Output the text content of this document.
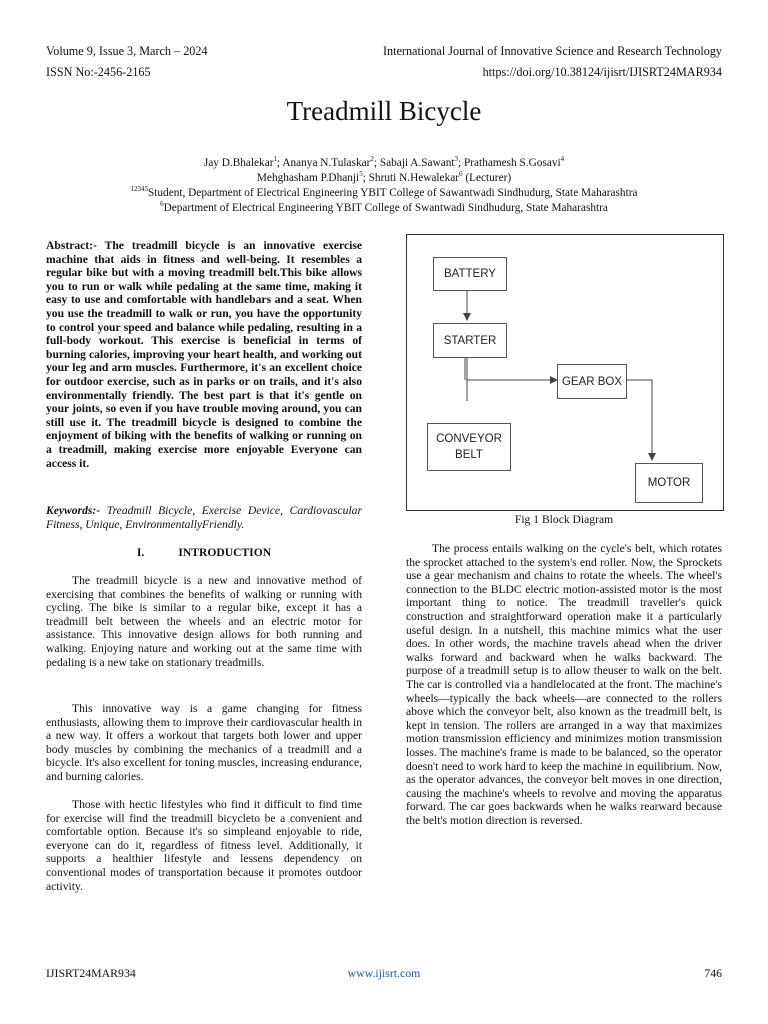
Volume 9, Issue 3, March – 2024
ISSN No:-2456-2165
International Journal of Innovative Science and Research Technology
https://doi.org/10.38124/ijisrt/IJISRT24MAR934
Treadmill Bicycle
Jay D.Bhalekar$^1$; Ananya N.Tulaskar$^2$; Sabaji A.Sawant$^3$; Prathamesh S.Gosavi$^4$
Mehghasham P.Dhanji$^5$; Shruti N.Hewalekar$^6$ (Lecturer)
$^{12345}$Student, Department of Electrical Engineering YBIT College of Sawantwadi Sindhudurg, State Maharashtra
$^6$Department of Electrical Engineering YBIT College of Swantwadi Sindhudurg, State Maharashtra
Abstract:- The treadmill bicycle is an innovative exercise machine that aids in fitness and well-being. It resembles a regular bike but with a moving treadmill belt.This bike allows you to run or walk while pedaling at the same time, making it easy to use and comfortable with handlebars and a seat. When you use the treadmill to walk or run, you have the opportunity to control your speed and balance while pedaling, resulting in a full-body workout. This exercise is beneficial in terms of burning calories, improving your heart health, and working out your leg and arm muscles. Furthermore, it's an excellent choice for outdoor exercise, such as in parks or on trails, and it's also environmentally friendly. The best part is that it's gentle on your joints, so even if you have trouble moving around, you can still use it. The treadmill bicycle is designed to combine the enjoyment of biking with the benefits of walking or running on a treadmill, making exercise more enjoyable Everyone can access it.
Keywords:- Treadmill Bicycle, Exercise Device, Cardiovascular Fitness, Unique, EnvironmentallyFriendly.
I.	INTRODUCTION

The treadmill bicycle is a new and innovative method of exercising that combines the benefits of walking or running with cycling. The bike is similar to a regular bike, except it has a treadmill belt between the wheels and an electric motor for assistance. This innovative design allows for both running and walking. Enjoying nature and working out at the same time with pedaling is a new take on stationary treadmills.

This innovative way is a game changing for fitness enthusiasts, allowing them to improve their cardiovascular health in a new way. It offers a workout that targets both lower and upper body muscles by combining the mechanics of a treadmill and a bicycle. It's also excellent for toning muscles, increasing endurance, and burning calories.

Those with hectic lifestyles who find it difficult to find time for exercise will find the treadmill bicycleto be a convenient and comfortable option. Because it's so simpleand enjoyable to ride, everyone can do it, regardless of fitness level. Additionally, it supports a healthier lifestyle and lessens dependency on conventional modes of transportation because it promotes outdoor activity.

BATTERY
STARTER
GEAR BOX
CONVEYOR
BELT
MOTOR
Fig 1 Block Diagram

The process entails walking on the cycle's belt, which rotates the sprocket attached to the system's end roller. Now, the Sprockets use a gear mechanism and chains to rotate the wheels. The wheel's connection to the BLDC electric motion-assisted motor is the most important thing to notice. The treadmill traveller's quick construction and straightforward operation make it a particularly useful design. In a nutshell, this machine mimics what the user does. In other words, the machine travels ahead when the driver walks forward and backward when he walks backward. The purpose of a treadmill setup is to allow theuser to walk on the belt. The car is controlled via a handlelocated at the front. The machine's wheels—typically the back wheels—are connected to the rollers above which the conveyor belt, also known as the treadmill belt, is kept in tension. The rollers are arranged in a way that maximizes motion transmission efficiency and minimizes motion transmission losses. The machine's frame is made to be balanced, so the operator doesn't need to work hard to keep the machine in equilibrium. Now, as the operator advances, the conveyor belt moves in one direction, causing the machine's wheels to revolve and moving the apparatus forward. The car goes backwards when he walks rearward because the belt's motion direction is reversed.

IJISRT24MAR934	www.ijisrt.com	746
